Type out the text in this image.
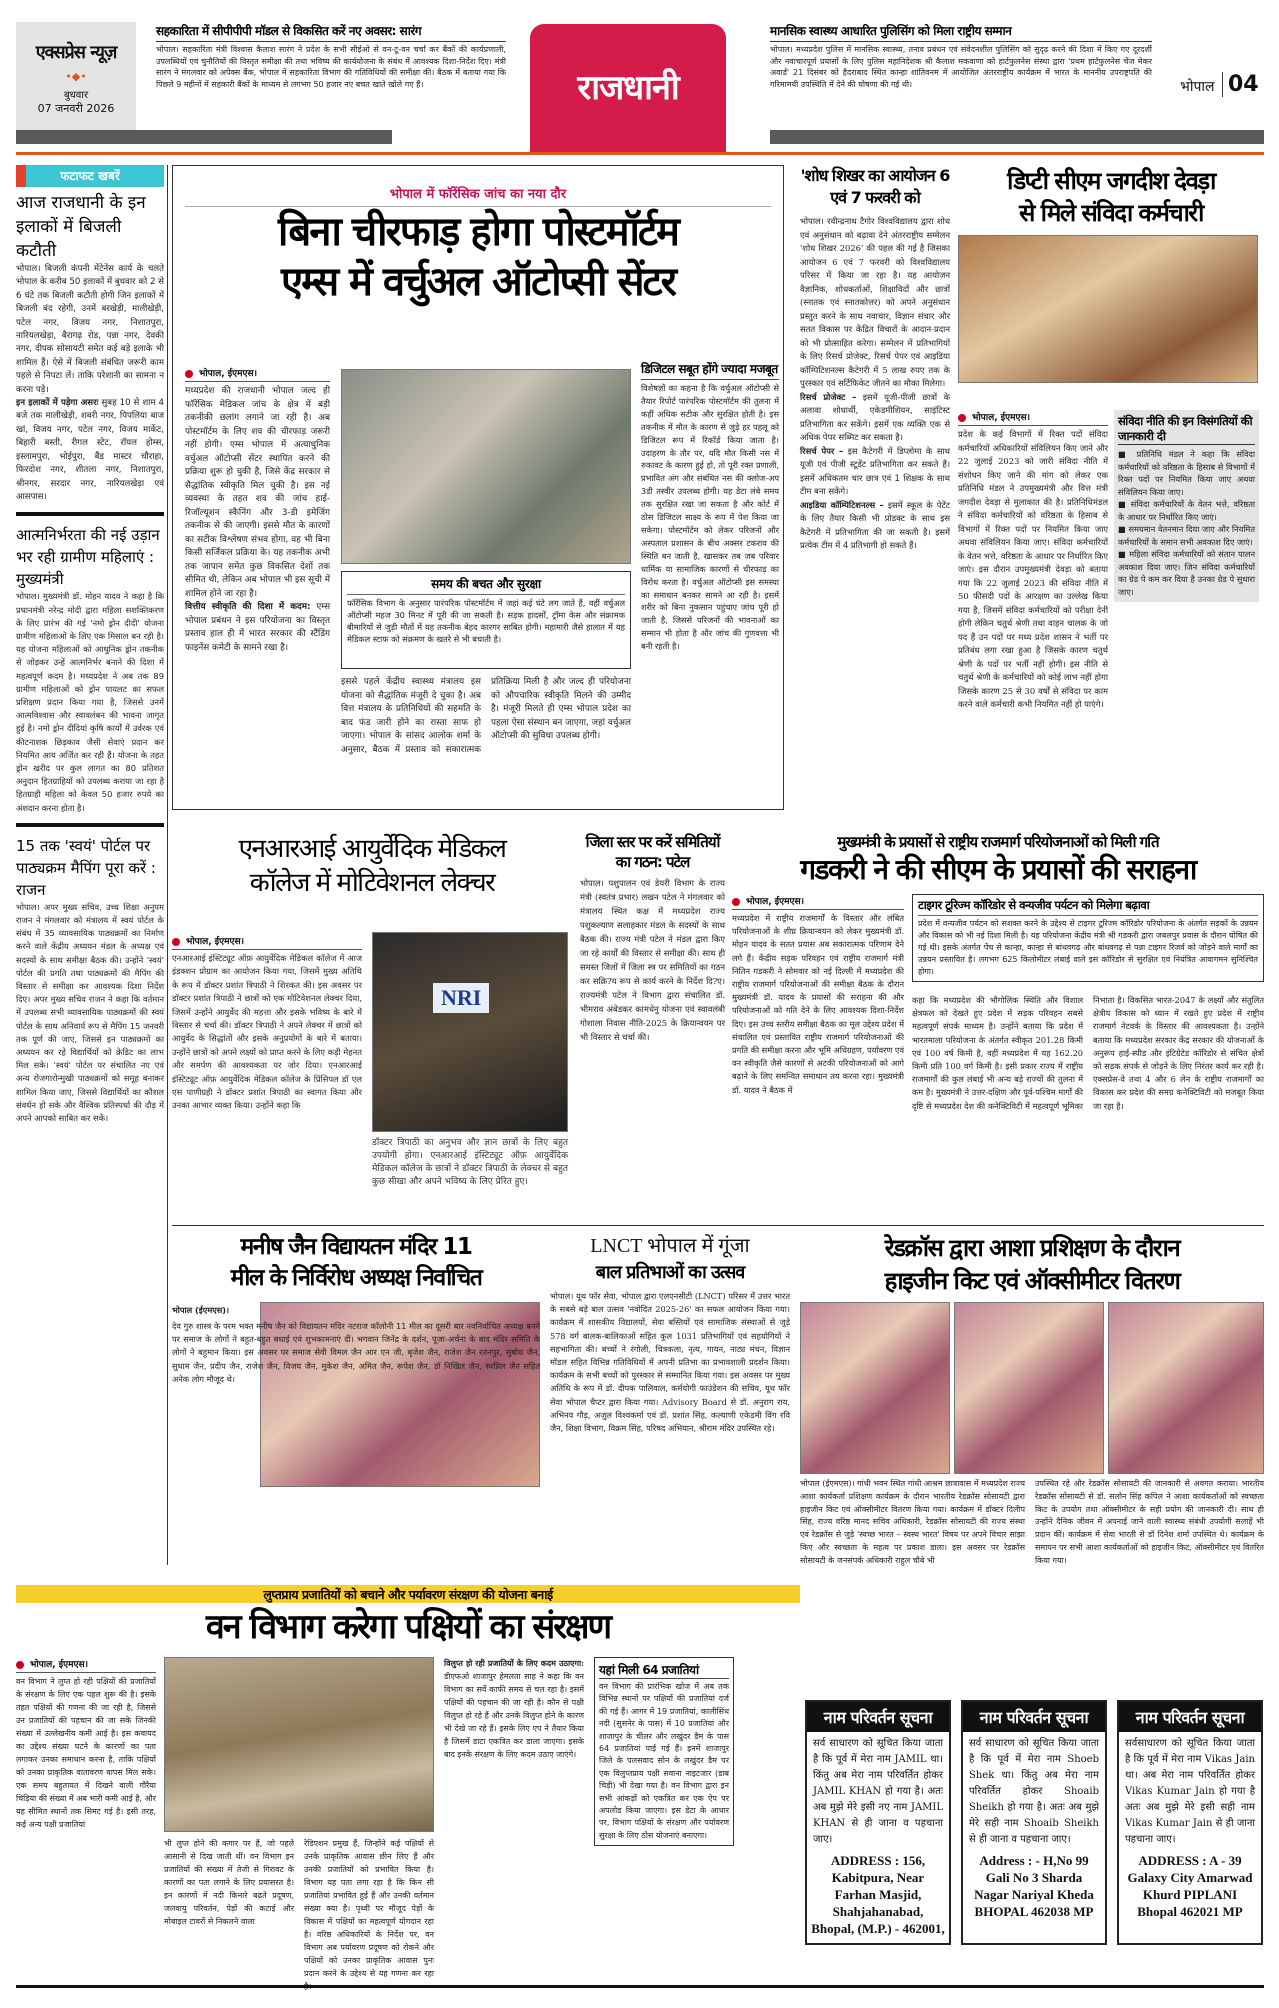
एक्सप्रेस न्यूज़
•◆•
बुधवार
07 जनवरी 2026
सहकारिता में सीपीपीपी मॉडल से विकसित करें नए अवसर: सारंग
भोपाल। सहकारिता मंत्री विश्वास कैलाश सारंग ने प्रदेश के सभी सीईओ से वन-टू-वन चर्चा कर बैंकों की कार्यप्रणाली, उपलब्धियों एवं चुनौतियों की विस्तृत समीक्षा की तथा भविष्य की कार्ययोजना के संबंध में आवश्यक दिशा-निर्देश दिए। मंत्री सारंग ने मंगलवार को अपेक्स बैंक, भोपाल में सहकारिता विभाग की गतिविधियों की समीक्षा की। बैठक में बताया गया कि पिछले 9 महीनों में सहकारी बैंकों के माध्यम से लगभग 50 हजार नए बचत खाते खोले गए हैं।	राजधानी
मानसिक स्वास्थ्य आधारित पुलिसिंग को मिला राष्ट्रीय सम्मान
भोपाल। मध्यप्रदेश पुलिस में मानसिक स्वास्थ्य, तनाव प्रबंधन एवं संवेदनशील पुलिसिंग को सुदृढ़ करने की दिशा में किए गए दूरदर्शी और नवाचारपूर्ण प्रयासों के लिए पुलिस महानिदेशक श्री कैलाश मकवाणा को हार्टफुलनेस संस्था द्वारा 'प्रथम हार्टफुलनेस चेंज मेकर अवार्ड' 21 दिसंबर को हैदराबाद स्थित कान्हा शांतिवनम में आयोजित अंतरराष्ट्रीय कार्यक्रम में भारत के माननीय उपराष्ट्रपति की गरिमामयी उपस्थिति में देने की घोषणा की गई थी।	भोपाल 04
फटाफट खबरें
आज राजधानी के इन इलाकों में बिजली कटौती
भोपाल। बिजली कंपनी मेंटेनेंस कार्य के चलते भोपाल के करीब 50 इलाकों में बुधवार को 2 से 6 घंटे तक बिजली कटौती होगी जिन इलाकों में बिजली बंद रहेगी, उनमें बरखेड़ी, मालीखेड़ी, पटेल नगर, विजय नगर, निशातपुरा, नारियलखेड़ा, बैरागढ़ रोड, पन्ना नगर, देवकी नगर, दीपक सोसायटी समेत कई बड़े इलाके भी शामिल हैं। ऐसे में बिजली संबंधित जरूरी काम पहले से निपटा लें। ताकि परेशानी का सामना न करना पड़े।
इन इलाकों में पड़ेगा असरः सुबह 10 से शाम 4 बजे तक मालीखेड़ी, शबरी नगर, पिपलिया बाज खां, विजय नगर, पटेल नगर, विजय मार्केट, बिहारी बस्ती, रीगल स्टेट, रॉयल होम्स, इस्लामपुरा, भोईपुरा, बैंड मास्टर चौराहा, फिरदोश नगर, शीतला नगर, निशातपुरा, श्रीनगर, सरदार नगर, नारियलखेड़ा एवं आसपास।
आत्मनिर्भरता की नई उड़ान भर रही ग्रामीण महिलाएं : मुख्यमंत्री
भोपाल। मुख्यमंत्री डॉ. मोहन यादव ने कहा है कि प्रधानमंत्री नरेन्द्र मोदी द्वारा महिला सशक्तिकरण के लिए प्रारंभ की गई 'नमो ड्रोन दीदी' योजना ग्रामीण महिलाओं के लिए एक मिसाल बन रही है। यह योजना महिलाओं को आधुनिक ड्रोन तकनीक से जोड़कर उन्हें आत्मनिर्भर बनाने की दिशा में महत्वपूर्ण कदम है। मध्यप्रदेश ने अब तक 89 ग्रामीण महिलाओं को ड्रोन पायलट का सफल प्रशिक्षण प्रदान किया गया है, जिससे उनमें आत्मविश्वास और स्वावलंबन की भावना जागृत हुई है। नमो ड्रोन दीदियां कृषि कार्यों में उर्वरक एवं कीटनाशक छिड़काव जैसी सेवाएं प्रदान कर नियमित आय अर्जित कर रही हैं। योजना के तहत ड्रोन खरीद पर कुल लागत का 80 प्रतिशत अनुदान हितग्राहियों को उपलब्ध कराया जा रहा है हितग्राही महिला को केवल 50 हजार रुपये का अंशदान करना होता है।
15 तक 'स्वयं' पोर्टल पर पाठ्यक्रम मैपिंग पूरा करें : राजन
भोपाल। अपर मुख्य सचिव, उच्च शिक्षा अनुपम राजन ने मंगलवार को मंत्रालय में स्वयं पोर्टल के संबंध में 35 व्यावसायिक पाठ्यक्रमों का निर्माण करने वाले केंद्रीय अध्ययन मंडल के अध्यक्ष एवं सदस्यों के साथ समीक्षा बैठक की। उन्होंने 'स्वयं' पोर्टल की प्रगति तथा पाठ्यक्रमों की मैपिंग की विस्तार से समीक्षा कर आवश्यक दिशा निर्देश दिए। अपर मुख्य सचिव राजन ने कहा कि वर्तमान में उपलब्ध सभी व्यावसायिक पाठ्यक्रमों की स्वयं पोर्टल के साथ अनिवार्य रूप से मैपिंग 15 जनवरी तक पूर्ण की जाए, जिससे इन पाठ्यक्रमों का अध्ययन कर रहे विद्यार्थियों को क्रेडिट का लाभ मिल सके। 'स्वयं' पोर्टल पर संचालित नए एवं अन्य रोजगारोन्मुखी पाठ्यक्रमों को समूह बनाकर शामिल किया जाए, जिससे विद्यार्थियों का कौशल संवर्धन हो सके और वैश्विक प्रतिस्पर्धा की दौड़ में अपने आपको साबित कर सकें।
भोपाल में फॉरेंसिक जांच का नया दौर
बिना चीरफाड़ होगा पोस्टमॉर्टम
एम्स में वर्चुअल ऑटोप्सी सेंटर
भोपाल, ईएमएस।
मध्यप्रदेश की राजधानी भोपाल जल्द ही फॉरेंसिक मेडिकल जांच के क्षेत्र में बड़ी तकनीकी छलांग लगाने जा रही है। अब पोस्टमॉर्टम के लिए शव की चीरफाड़ जरूरी नहीं होगी। एम्स भोपाल में अत्याधुनिक वर्चुअल ऑटोप्सी सेंटर स्थापित करने की प्रक्रिया शुरू हो चुकी है, जिसे केंद्र सरकार से सैद्धांतिक स्वीकृति मिल चुकी है। इस नई व्यवस्था के तहत शव की जांच हाई-रिजॉल्यूशन स्कैनिंग और 3-डी इमेजिंग तकनीक से की जाएगी। इससे मौत के कारणों का सटीक विश्लेषण संभव होगा, वह भी बिना किसी सर्जिकल प्रक्रिया के। यह तकनीक अभी तक जापान समेत कुछ विकसित देशों तक सीमित थी, लेकिन अब भोपाल भी इस सूची में शामिल होने जा रहा है।
वित्तीय स्वीकृति की दिशा में कदम: एम्स भोपाल प्रबंधन ने इस परियोजना का विस्तृत प्रस्ताव हाल ही में भारत सरकार की स्टैंडिंग फाइनेंस कमेटी के सामने रखा है।
समय की बचत और सुरक्षा
फॉरेंसिक विभाग के अनुसार पारंपरिक पोस्टमॉर्टम में जहां कई घंटे लग जाते हैं, वहीं वर्चुअल ऑटोप्सी महज 30 मिनट में पूरी की जा सकती है। सड़क हादसों, ट्रॉमा केस और संक्रामक बीमारियों से जुड़ी मौतों में यह तकनीक बेहद कारगर साबित होगी। महामारी जैसे हालात में यह मेडिकल स्टाफ को संक्रमण के खतरे से भी बचाती है।
इससे पहले केंद्रीय स्वास्थ्य मंत्रालय इस योजना को सैद्धांतिक मंजूरी दे चुका है। अब वित्त मंत्रालय के प्रतिनिधियों की सहमति के बाद फंड जारी होने का रास्ता साफ हो जाएगा। भोपाल के सांसद आलोक शर्मा के अनुसार, बैठक में प्रस्ताव को सकारात्मक प्रतिक्रिया मिली है और जल्द ही परियोजना को औपचारिक स्वीकृति मिलने की उम्मीद है। मंजूरी मिलते ही एम्स भोपाल प्रदेश का पहला ऐसा संस्थान बन जाएगा, जहां वर्चुअल ऑटोप्सी की सुविधा उपलब्ध होगी।
डिजिटल सबूत होंगे ज्यादा मजबूत
विशेषज्ञों का कहना है कि वर्चुअल ऑटोप्सी से तैयार रिपोर्ट पारंपरिक पोस्टमॉर्टम की तुलना में कहीं अधिक सटीक और सुरक्षित होती है। इस तकनीक में मौत के कारण से जुड़े हर पहलू को डिजिटल रूप में रिकॉर्ड किया जाता है। उदाहरण के तौर पर, यदि मौत किसी नस में रुकावट के कारण हुई हो, तो पूरी रक्त प्रणाली, प्रभावित अंग और संबंधित नस की क्लोज-अप 3डी तस्वीर उपलब्ध होगी। यह डेटा लंबे समय तक सुरक्षित रखा जा सकता है और कोर्ट में ठोस डिजिटल साक्ष्य के रूप में पेश किया जा सकेगा। पोस्टमॉर्टम को लेकर परिजनों और अस्पताल प्रशासन के बीच अक्सर टकराव की स्थिति बन जाती है, खासकर तब जब परिवार धार्मिक या सामाजिक कारणों से चीरफाड़ का विरोध करता है। वर्चुअल ऑटोप्सी इस समस्या का समाधान बनकर सामने आ रही है। इसमें शरीर को बिना नुकसान पहुंचाए जांच पूरी हो जाती है, जिससे परिजनों की भावनाओं का सम्मान भी होता है और जांच की गुणवत्ता भी बनी रहती है।
'शोध शिखर का आयोजन 6 एवं 7 फरवरी को
भोपाल। रवीन्द्रनाथ टैगोर विश्वविद्यालय द्वारा शोध एवं अनुसंधान को बढ़ावा देने अंतरराष्ट्रीय सम्मेलन 'शोध शिखर 2026' की पहल की गई है जिसका आयोजन 6 एवं 7 फरवरी को विश्वविद्यालय परिसर में किया जा रहा है। यह आयोजन वैज्ञानिक, शोधकर्ताओं, शिक्षाविदों और छात्रों (स्नातक एवं स्नातकोत्तर) को अपने अनुसंधान प्रस्तुत करने के साथ नवाचार, विज्ञान संचार और सतत विकास पर केंद्रित विचारों के आदान-प्रदान को भी प्रोत्साहित करेगा। सम्मेलन में प्रतिभागियों के लिए रिसर्च प्रोजेक्ट, रिसर्च पेपर एवं आइडिया कॉम्पिटिशनल्स कैटेगरी में 5 लाख रुपए तक के पुरस्कार एवं सर्टिफिकेट जीतने का मौका मिलेगा।
रिसर्च प्रोजेक्ट – इसमें यूजी-पीजी छात्रों के अलावा शोधार्थी, एकेडमीशियन, साइंटिस्ट प्रतिभागिता कर सकेंगे। इसमें एक व्यक्ति एक से अधिक पेपर सब्मिट कर सकता है।
रिसर्च पेपर – इस कैटेगरी में डिप्लोमा के साथ यूजी एवं पीजी स्टूडेंट प्रतिभागिता कर सकते हैं। इसमें अधिकतम चार छात्र एवं 1 शिक्षक के साथ टीम बना सकेंगे।
आइडिया कॉम्पिटिशनल्स – इसमें स्कूल के पेटेंट के लिए तैयार किसी भी प्रोडक्ट के साथ इस कैटेगरी में प्रतिभागिता की जा सकती है। इसमें प्रत्येक टीम में 4 प्रतिभागी हो सकते हैं।
डिप्टी सीएम जगदीश देवड़ा
से मिले संविदा कर्मचारी
भोपाल, ईएमएस।
प्रदेश के कई विभागों में रिक्त पदों संविदा कर्मचारियों अधिकारियों संविलियन किए जाने और 22 जुलाई 2023 को जारी संविदा नीति में संशोधन किए जाने की मांग को लेकर एक प्रतिनिधि मंडल ने उपमुख्यमंत्री और वित्त मंत्री जगदीश देवड़ा से मुलाकात की है। प्रतिनिधिमंडल ने संविदा कर्मचारियों को वरिष्ठता के हिसाब से विभागों में रिक्त पदों पर नियमित किया जाए अथवा संविलियन किया जाए। संविदा कर्मचारियों के वेतन भत्ते, वरिष्ठता के आधार पर निर्धारित किए जाएं। इस दौरान उपमुख्यमंत्री देवड़ा को बताया गया कि 22 जुलाई 2023 की संविदा नीति में 50 फीसदी पदों के आरक्षण का उल्लेख किया गया है, जिसमें संविदा कर्मचारियों को परीक्षा देनी होगी लेकिन चतुर्थ श्रेणी तथा वाहन चालक के जो पद हैं उन पदों पर मध्य प्रदेश शासन ने भर्ती पर प्रतिबंध लगा रखा हुआ है जिसके कारण चतुर्थ श्रेणी के पदों पर भर्ती नहीं होगी। इस नीति से चतुर्थ श्रेणी के कर्मचारियों को कोई लाभ नहीं होगा जिसके कारण 25 से 30 वर्षों से संविदा पर काम करने वाले कर्मचारी कभी नियमित नहीं हो पाएंगे।
संविदा नीति की इन विसंगतियों की जानकारी दी
■ प्रतिनिधि मंडल ने कहा कि संविदा कर्मचारियों को वरिष्ठता के हिसाब से विभागों में रिक्त पदों पर नियमित किया जाए अथवा संविलियन किया जाए।
■ संविदा कर्मचारियों के वेतन भत्ते, वरिष्ठता के आधार पर निर्धारित किए जाएं।
■ समयमान वेतनमान दिया जाए और नियमित कर्मचारियों के समान सभी अवकाश दिए जाएं।
■ महिला संविदा कर्मचारियों को संतान पालन अवकाश दिया जाए। जिन संविदा कर्मचारियों का ग्रेड पे कम कर दिया है उनका ग्रेड पे सुधारा जाए।
एनआरआई आयुर्वेदिक मेडिकल
कॉलेज में मोटिवेशनल लेक्चर
भोपाल, ईएमएस।
एनआरआई इंस्टिट्यूट ऑफ़ आयुर्वेदिक मेडिकल कॉलेज में आज इंडक्शन प्रोग्राम का आयोजन किया गया, जिसमें मुख्य अतिथि के रूप में डॉक्टर प्रशांत त्रिपाठी ने शिरकत की। इस अवसर पर डॉक्टर प्रशांत त्रिपाठी ने छात्रों को एक मोटिवेशनल लेक्चर दिया, जिसमें उन्होंने आयुर्वेद की महत्ता और इसके भविष्य के बारे में विस्तार से चर्चा की। डॉक्टर त्रिपाठी ने अपने लेक्चर में छात्रों को आयुर्वेद के सिद्धांतों और इसके अनुप्रयोगों के बारे में बताया। उन्होंने छात्रों को अपने लक्ष्यों को प्राप्त करने के लिए कड़ी मेहनत और समर्पण की आवश्यकता पर जोर दिया। एनआरआई इंस्टिट्यूट ऑफ़ आयुर्वेदिक मेडिकल कॉलेज के प्रिंसिपल डॉ एल एस पाणीग्रही ने डॉक्टर प्रशांत त्रिपाठी का स्वागत किया और उनका आभार व्यक्त किया। उन्होंने कहा कि
NRI
डॉक्टर त्रिपाठी का अनुभव और ज्ञान छात्रों के लिए बहुत उपयोगी होगा। एनआरआई इंस्टिट्यूट ऑफ़ आयुर्वेदिक मेडिकल कॉलेज के छात्रों ने डॉक्टर त्रिपाठी के लेक्चर से बहुत कुछ सीखा और अपने भविष्य के लिए प्रेरित हुए।
जिला स्तर पर करें समितियों का गठन: पटेल
भोपाल। पशुपालन एवं डेयरी विभाग के राज्य मंत्री (स्वतंत्र प्रभार) लखन पटेल ने मंगलवार को मंत्रालय स्थित कक्ष में मध्यप्रदेश राज्य पशुकल्याण सलाहकार मंडल के सदस्यों के साथ बैठक की। राज्य मंत्री पटेल ने मंडल द्वारा किए जा रहे कार्यों की विस्तार से समीक्षा की। साथ ही समस्त जिलों में जिला स्त्र पर समितियों का गठन कर सक्रि?य रूप से कार्य करने के निर्देश दि?ए। राज्यमंत्री पटेल ने विभाग द्वारा संचालित डॉ. भीमराव अंबेडकर कामधेनु योजना एवं स्वावलंबी गोशाला निवास नीति-2025 के क्रियान्वयन पर भी विस्तार से चर्चा की।
मुख्यमंत्री के प्रयासों से राष्ट्रीय राजमार्ग परियोजनाओं को मिली गति
गडकरी ने की सीएम के प्रयासों की सराहना
भोपाल, ईएमएस।
मध्यप्रदेश में राष्ट्रीय राजमार्गों के विस्तार और लंबित परियोजनाओं के शीघ्र क्रियान्वयन को लेकर मुख्यमंत्री डॉ. मोहन यादव के सतत प्रयास अब सकारात्मक परिणाम देने लगे हैं। केंद्रीय सड़क परिवहन एवं राष्ट्रीय राजमार्ग मंत्री नितिन गडकरी ने सोमवार को नई दिल्ली में मध्यप्रदेश की राष्ट्रीय राजमार्ग परियोजनाओं की समीक्षा बैठक के दौरान मुख्यमंत्री डॉ. यादव के प्रयासों की सराहना की और परियोजनाओं को गति देने के लिए आवश्यक दिशा-निर्देश दिए। इस उच्च स्तरीय समीक्षा बैठक का मूल उद्देश्य प्रदेश में संचालित एवं प्रस्तावित राष्ट्रीय राजमार्ग परियोजनाओं की प्रगति की समीक्षा करना और भूमि अधिग्रहण, पर्यावरण एवं वन स्वीकृति जैसे कारणों से अटकी परियोजनाओं को आगे बढ़ाने के लिए समन्वित समाधान तय करना रहा। मुख्यमंत्री डॉ. यादव ने बैठक में
टाइगर टूरिज्म कॉरिडोर से वन्यजीव पर्यटन को मिलेगा बढ़ावा
प्रदेश में वन्यजीव पर्यटन को सशक्त करने के उद्देश्य से टाइगर टूरिज्म कॉरिडोर परियोजना के अंतर्गत सड़कों के उन्नयन और विकास को भी नई दिशा मिली है। यह परियोजना केंद्रीय मंत्री श्री गडकरी द्वारा जबलपुर प्रवास के दौरान घोषित की गई थी। इसके अंतर्गत पेंच से कान्हा, कान्हा से बांधवगढ़ और बांधवगढ़ से पन्ना टाइगर रिजर्व को जोड़ने वाले मार्गों का उन्नयन प्रस्तावित है। लगभग 625 किलोमीटर लंबाई वाले इस कॉरिडोर से सुरक्षित एवं नियंत्रित आवागमन सुनिश्चित होगा।
कहा कि मध्यप्रदेश की भौगोलिक स्थिति और विशाल क्षेत्रफल को देखते हुए प्रदेश में सड़क परिवहन सबसे महत्वपूर्ण संपर्क माध्यम है। उन्होंने बताया कि प्रदेश में भारतमाला परियोजना के अंतर्गत स्वीकृत 201.28 किमी एवं 100 वर्ष किमी है, वहीं मध्यप्रदेश में यह 162.20 किमी प्रति 100 वर्ग किमी है। इसी प्रकार राज्य में राष्ट्रीय राजमार्गों की कुल लंबाई भी अन्य बड़े राज्यों की तुलना में कम है। मुख्यमंत्री ने उत्तर-दक्षिण और पूर्व-पश्चिम मार्गों की दृष्टि से मध्यप्रदेश देश की कनेक्टिविटी में महत्वपूर्ण भूमिका निभाता है। विकसित भारत-2047 के लक्ष्यों और संतुलित क्षेत्रीय विकास को ध्यान में रखते हुए प्रदेश में राष्ट्रीय राजमार्ग नेटवर्क के विस्तार की आवश्यकता है। उन्होंने बताया कि मध्यप्रदेश सरकार केंद्र सरकार की योजनाओं के अनुरूप हाई-स्पीड और इंटिग्रेटेड कॉरिडोर से संचित क्षेत्रों को सड़क संपर्क से जोड़ने के लिए निरंतर कार्य कर रही है। एक्सप्रेस-वे तथा 4 और 6 लेन के राष्ट्रीय राजमार्गों का विकास कर प्रदेश की समग्र कनेक्टिविटी को मजबूत किया जा रहा है।
मनीष जैन विद्यायतन मंदिर 11
मील के निर्विरोध अध्यक्ष निर्वाचित
भोपाल (ईएमएस)।
देव गुरु शास्त्र के परम भक्त मनीष जैन को विद्यायतन मंदिर नटराज कॉलोनी 11 मील का दूसरी बार नवनिर्वाचित अध्यक्ष बनने पर समाज के लोगों ने बहुत-बहुत बधाई एवं शुभकामनाएं दीं। भगवान जिनेंद्र के दर्शन, पूजा-अर्चना के बाद मंदिर समिति के लोगों ने बहुमान किया। इस अवसर पर समाज सेवी विमल जैन आर एन जी, बृजेश जैन, राजेश जैन रतनपुर, सुबोध जैन, सुधाम जैन, प्रदीप जैन, राजेश जैन, विजय जैन, मुकेश जैन, अमित जैन, रूपेश जैन, डॉ निखिल जैन, स्वप्निल जैन सहित अनेक लोग मौजूद थे।
LNCT भोपाल में गूंजा
बाल प्रतिभाओं का उत्सव
भोपाल। यूथ फॉर सेवा, भोपाल द्वारा एलएनसीटी (LNCT) परिसर में उत्तर भारत के सबसे बड़े बाल उत्सव 'नवोदित 2025-26' का सफल आयोजन किया गया। कार्यक्रम में शासकीय विद्यालयों, सेवा बस्तियों एवं सामाजिक संस्थाओं से जुड़े 578 वर्ग बालक-बालिकाओं सहित कुल 1031 प्रतिभागियों एवं सहयोगियों ने सहभागिता की। बच्चों ने रंगोली, चित्रकला, नृत्य, गायन, नाट्य मंचन, विज्ञान मॉडल सहित विभिन्न गतिविधियों में अपनी प्रतिभा का प्रभावशाली प्रदर्शन किया। कार्यक्रम के सभी बच्चों को पुरस्कार से सम्मानित किया गया। इस अवसर पर मुख्य अतिथि के रूप में डॉ. दीपक पालिवाल, कर्मयोगी फाउंडेशन की सचिव, यूथ फॉर सेवा भोपाल चैप्टर द्वारा किया गया। Advisory Board से डॉ. अनुराग राय, अभिनव गौड़, अजुल विश्वकर्मा एवं डॉ. प्रशांत सिंह, कल्याणी एकेडमी विंग रवि जैन, शिक्षा विभाग, विक्रम सिंह, परिषद अभियान, श्रीराम मंदिर उपस्थित रहे।
रेडक्रॉस द्वारा आशा प्रशिक्षण के दौरान
हाइजीन किट एवं ऑक्सीमीटर वितरण
भोपाल (ईएमएस)। गांधी भवन स्थित गांधी आश्रम छात्रावास में मध्यप्रदेश राज्य आशा कार्यकर्ता प्रशिक्षण कार्यक्रम के दौरान भारतीय रेडक्रॉस सोसायटी द्वारा हाइजीन किट एवं ऑक्सीमीटर वितरण किया गया। कार्यक्रम में डॉक्टर दिलीप सिंह, राज्य वरिष्ठ मानद सचिव अधिकारी, रेडक्रॉस सोसायटी की राज्य संस्था एवं रेडक्रॉस से जुड़े 'स्वच्छ भारत – स्वस्थ भारत' विषय पर अपने विचार साझा किए और स्वच्छता के महत्व पर प्रकाश डाला। इस अवसर पर रेडक्रॉस सोसायटी के जनसंपर्क अधिकारी राहुल चौबे भी
उपस्थित रहे और रेडक्रॉस सोसायटी की जानकारी से अवगत कराया। भारतीय रेडक्रॉस सोसायटी से डॉ. सलोन सिंह कपिल ने आशा कार्यकर्ताओं को स्वच्छता किट के उपयोग तथा ऑक्सीमीटर के सही प्रयोग की जानकारी दी। साथ ही उन्होंने दैनिक जीवन में अपनाई जाने वाली स्वास्थ्य संबंधी उपयोगी सलाहें भी प्रदान कीं। कार्यक्रम में सेवा भारती से डॉ दिनेश शर्मा उपस्थित थे। कार्यक्रम के समापन पर सभी आशा कार्यकर्ताओं को हाइजीन किट, ऑक्सीमीटर एवं वितरित किया गया।
लुप्तप्राय प्रजातियों को बचाने और पर्यावरण संरक्षण की योजना बनाई
वन विभाग करेगा पक्षियों का संरक्षण
भोपाल, ईएमएस।
वन विभाग ने लुप्त हो रही पक्षियों की प्रजातियों के संरक्षण के लिए एक पहल शुरू की है। इसके तहत पक्षियों की गणना की जा रही है, जिससे उन प्रजातियों की पहचान की जा सके जिनकी संख्या में उल्लेखनीय कमी आई है। इस कवायद का उद्देश्य संख्या घटने के कारणों का पता लगाकर उनका समाधान करना है, ताकि पक्षियों को उनका प्राकृतिक वातावरण वापस मिल सके। एक समय बहुतायत में दिखने वाली गौरैया चिड़िया की संख्या में अब भारी कमी आई है, और यह सीमित स्थानों तक सिमट गई है। इसी तरह, कई अन्य पक्षी प्रजातियां
भी लुप्त होने की कगार पर हैं, जो पहले आसानी से दिख जाती थीं। वन विभाग इन प्रजातियों की संख्या में तेजी से गिरावट के कारणों का पता लगाने के लिए प्रयासरत है। इन कारणों में नदी किनारे बढ़ते प्रदूषण, जलवायु परिवर्तन, पेड़ों की कटाई और मोबाइल टावरों से निकलने वाला
रेडिएशन प्रमुख हैं, जिन्होंने कई पक्षियों से उनके प्राकृतिक आवास छीन लिए हैं और उनकी प्रजातियों को प्रभावित किया है। विभाग यह पता लगा रहा है कि किन सी प्रजातियां प्रभावित हुई हैं और उनकी वर्तमान संख्या क्या है। पृथ्वी पर मौजूद पेड़ों के विकास में पक्षियों का महत्वपूर्ण योगदान रहा है। वरिष्ठ अधिकारियों के निर्देश पर, वन विभाग अब पर्यावरण प्रदूषण को रोकने और पक्षियों को उनका प्राकृतिक आवास पुनः प्रदान करने के उद्देश्य से यह गणना कर रहा
विलुप्त हो रही प्रजातियों के लिए कदम उठाएगा: डीएफओ शाजापुर हेमलता साह ने कहा कि वन विभाग का सर्वे काफी समय से चल रहा है। इसमें पक्षियों की पहचान की जा रही है। कौन से पक्षी विलुप्त हो रहे हैं और उनके विलुप्त होने के कारण भी देखे जा रहे हैं। इसके लिए एप ने तैयार किया है जिसमें डाटा एकत्रित कर डाला जाएगा। इसके बाद इनके संरक्षण के लिए कदम उठाए जाएंगे।
यहां मिली 64 प्रजातियां
वन विभाग की प्रारंभिक खोज में अब तक विभिन्न स्थानों पर पक्षियों की प्रजातियां दर्ज की गई हैं। आगर में 19 प्रजातियां, कालीसिंध नदी (सुसनेर के पास) में 10 प्रजातियां और शाजापुर के चीलर और लखुंदर डैम के पास 64 प्रजातियां पाई गई हैं। इनमें शाजापुर जिले के पलसवाद सोन के लखुंदर डैम पर एक विलुप्तप्राय पक्षी सवाना नाइटजार (डाब चिड़ी) भी देखा गया है। वन विभाग द्वारा इन सभी आंकड़ों को एकत्रित कर एक ऐप पर अपलोड किया जाएगा। इस डेटा के आधार पर, विभाग पक्षियों के संरक्षण और पर्यावरण सुरक्षा के लिए ठोस योजनाएं बनाएगा।
नाम परिवर्तन सूचना
सर्व साधारण को सूचित किया जाता है कि पूर्व में मेरा नाम JAMIL था। किंतु अब मेरा नाम परिवर्तित होकर JAMIL KHAN हो गया है। अतः अब मुझे मेरे इसी नए नाम JAMIL KHAN से ही जाना व पहचाना जाए।
ADDRESS : 156, Kabitpura, Near Farhan Masjid, Shahjahanabad, Bhopal, (M.P.) - 462001,
नाम परिवर्तन सूचना
सर्व साधारण को सूचित किया जाता है कि पूर्व में मेरा नाम Shoeb Shek था। किंतु अब मेरा नाम परिवर्तित होकर Shoaib Sheikh हो गया है। अतः अब मुझे मेरे सही नाम Shoaib Sheikh से ही जाना व पहचाना जाए।
Address : - H,No 99 Gali No 3 Sharda Nagar Nariyal Kheda BHOPAL 462038 MP
नाम परिवर्तन सूचना
सर्वसाधारण को सूचित किया जाता है कि पूर्व में मेरा नाम Vikas Jain था। अब मेरा नाम परिवर्तित होकर Vikas Kumar Jain हो गया है अतः अब मुझे मेरे इसी सही नाम Vikas Kumar Jain से ही जाना पहचाना जाए।
ADDRESS : A - 39 Galaxy City Amarwad Khurd PIPLANI Bhopal 462021 MP
